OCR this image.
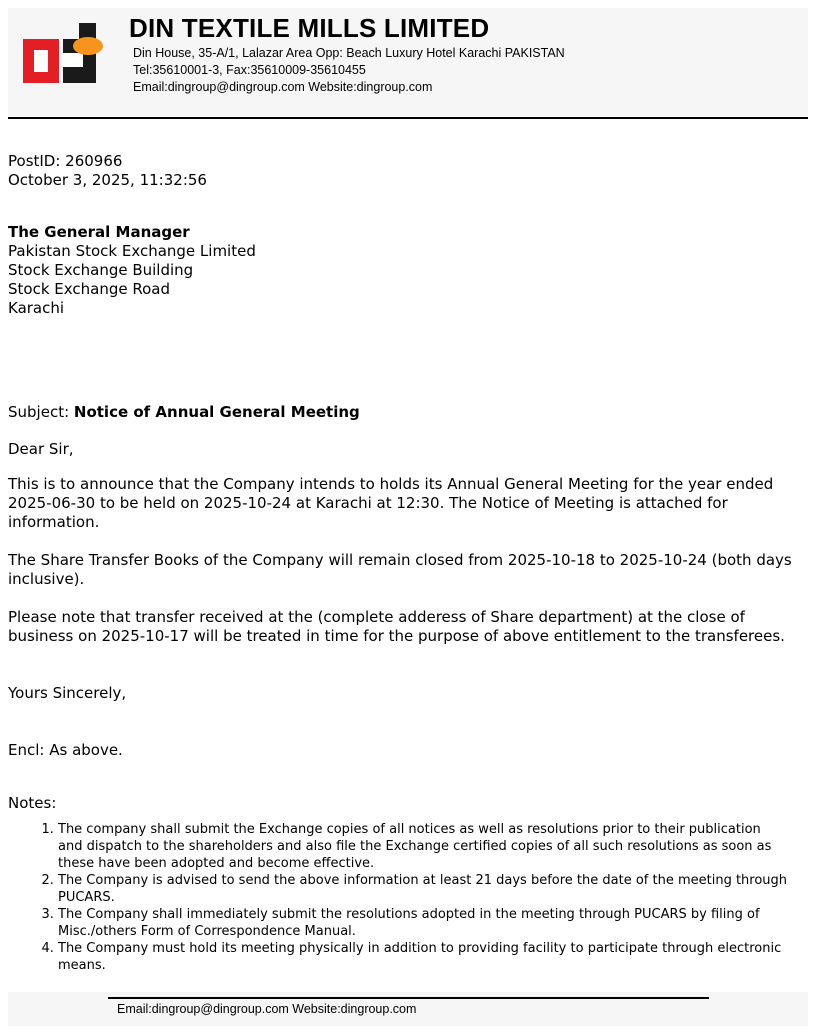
DIN TEXTILE MILLS LIMITED
Din House, 35-A/1, Lalazar Area Opp: Beach Luxury Hotel Karachi PAKISTAN
Tel:35610001-3, Fax:35610009-35610455
Email:dingroup@dingroup.com Website:dingroup.com
PostID: 260966
October 3, 2025, 11:32:56
The General Manager
Pakistan Stock Exchange Limited
Stock Exchange Building
Stock Exchange Road
Karachi
Subject: Notice of Annual General Meeting
Dear Sir,
This is to announce that the Company intends to holds its Annual General Meeting for the year ended 2025-06-30 to be held on 2025-10-24 at Karachi at 12:30. The Notice of Meeting is attached for information.
The Share Transfer Books of the Company will remain closed from 2025-10-18 to 2025-10-24 (both days inclusive).
Please note that transfer received at the (complete adderess of Share department) at the close of business on 2025-10-17 will be treated in time for the purpose of above entitlement to the transferees.
Yours Sincerely,
Encl: As above.
Notes:
1. The company shall submit the Exchange copies of all notices as well as resolutions prior to their publication and dispatch to the shareholders and also file the Exchange certified copies of all such resolutions as soon as these have been adopted and become effective.
2. The Company is advised to send the above information at least 21 days before the date of the meeting through PUCARS.
3. The Company shall immediately submit the resolutions adopted in the meeting through PUCARS by filing of Misc./others Form of Correspondence Manual.
4. The Company must hold its meeting physically in addition to providing facility to participate through electronic means.
Email:dingroup@dingroup.com Website:dingroup.com
